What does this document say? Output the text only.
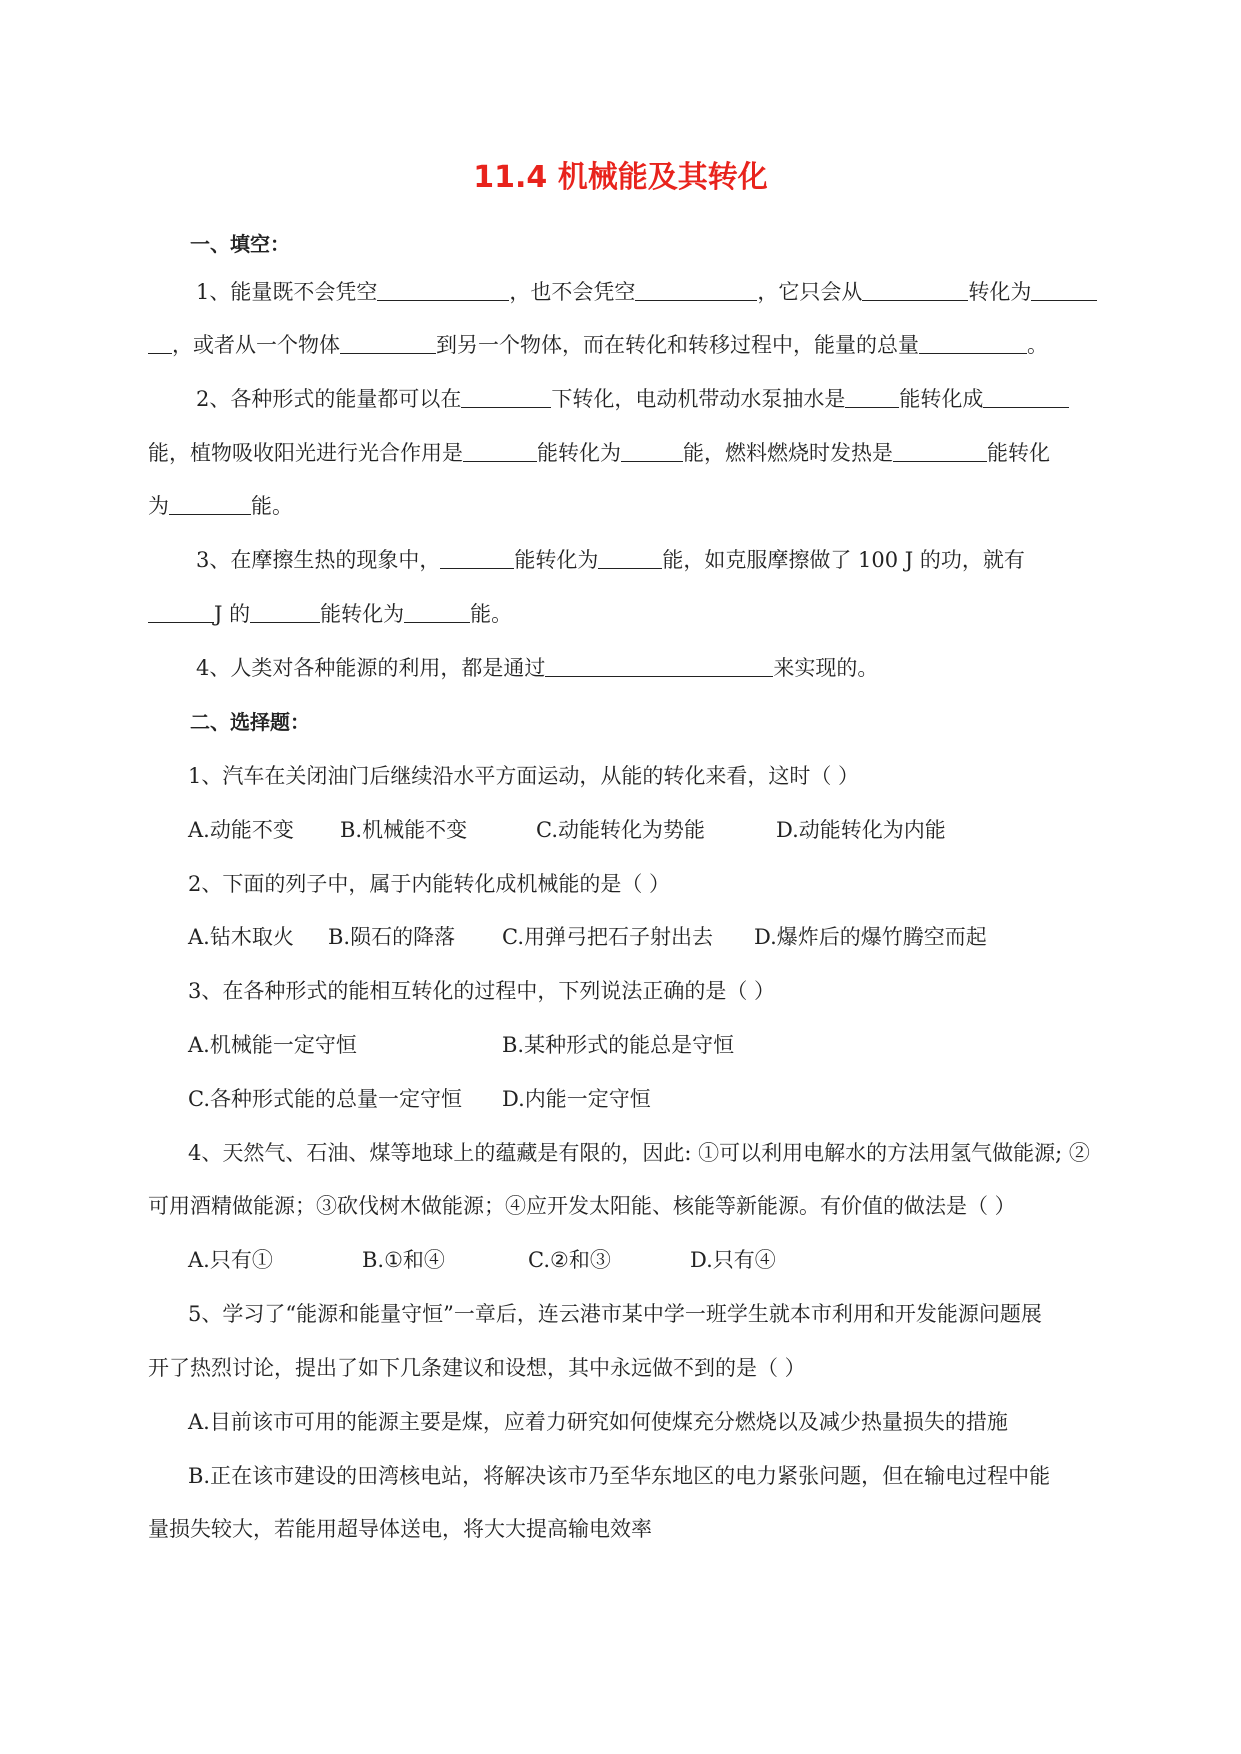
11.4 机械能及其转化
一、填空：
1、能量既不会凭空	，也不会凭空	，它只会从	转化为
，或者从一个物体	到另一个物体，而在转化和转移过程中，能量的总量	。
2、各种形式的能量都可以在	下转化，电动机带动水泵抽水是	能转化成
能，植物吸收阳光进行光合作用是	能转化为	能，燃料燃烧时发热是	能转化
为	能。
3、在摩擦生热的现象中，	能转化为	能，如克服摩擦做了 100 J 的功，就有
J 的	能转化为	能。
4、人类对各种能源的利用，都是通过	来实现的。
二、选择题：
1、汽车在关闭油门后继续沿水平方面运动，从能的转化来看，这时（ ）
A.动能不变 B.机械能不变	C.动能转化为势能	D.动能转化为内能
2、下面的列子中，属于内能转化成机械能的是（ ）
A.钻木取火 B.陨石的降落 C.用弹弓把石子射出去 D.爆炸后的爆竹腾空而起
3、在各种形式的能相互转化的过程中，下列说法正确的是（ ）
A.机械能一定守恒	B.某种形式的能总是守恒
C.各种形式能的总量一定守恒 D.内能一定守恒
4、天然气、石油、煤等地球上的蕴藏是有限的，因此: ①可以利用电解水的方法用氢气做能源; ②
可用酒精做能源；③砍伐树木做能源；④应开发太阳能、核能等新能源。有价值的做法是（ ）
A.只有①	B.①和④	C.②和③	D.只有④
5、学习了“能源和能量守恒”一章后，连云港市某中学一班学生就本市利用和开发能源问题展
开了热烈讨论，提出了如下几条建议和设想，其中永远做不到的是（ ）
A.目前该市可用的能源主要是煤，应着力研究如何使煤充分燃烧以及减少热量损失的措施
B.正在该市建设的田湾核电站，将解决该市乃至华东地区的电力紧张问题，但在输电过程中能
量损失较大，若能用超导体送电，将大大提高输电效率
